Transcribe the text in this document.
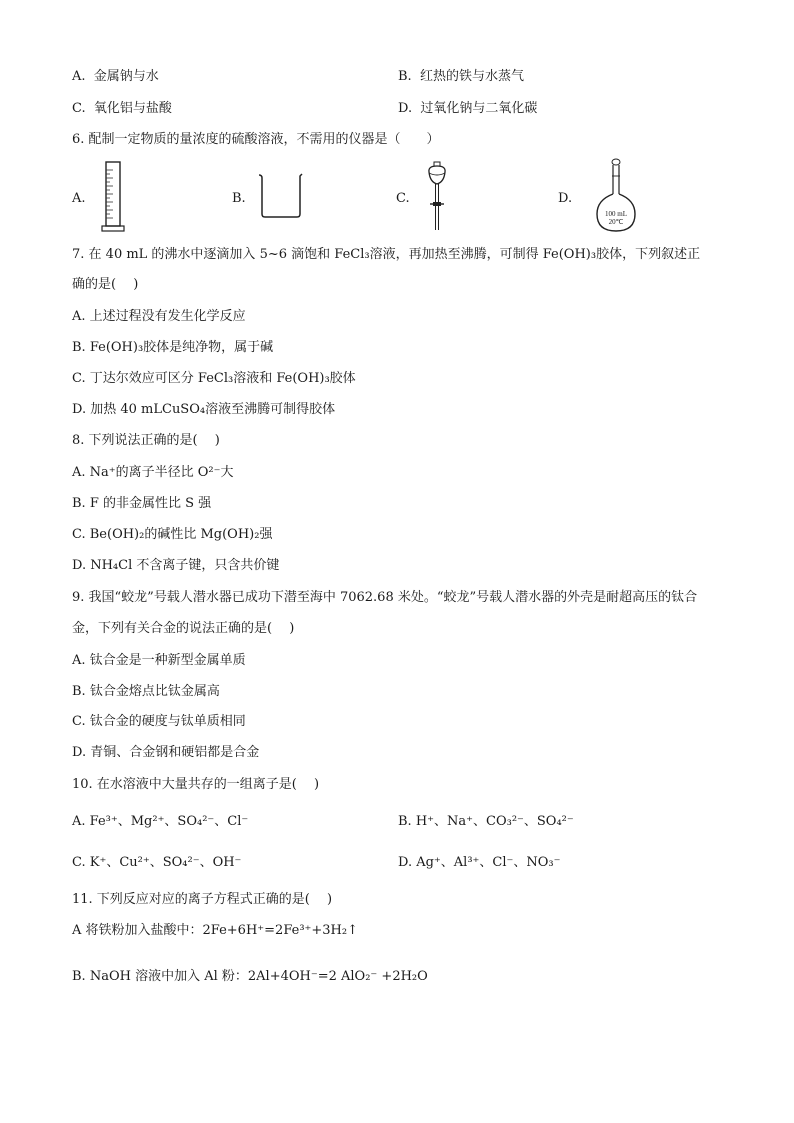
A. 金属钠与水	B. 红热的铁与水蒸气
C. 氧化铝与盐酸	D. 过氧化钠与二氧化碳
6. 配制一定物质的量浓度的硫酸溶液，不需用的仪器是（　　）
A.	B.	C.	D.
100 mL
20℃
7. 在 40 mL 的沸水中逐滴加入 5~6 滴饱和 FeCl₃溶液，再加热至沸腾，可制得 Fe(OH)₃胶体，下列叙述正
确的是(　 )
A. 上述过程没有发生化学反应
B. Fe(OH)₃胶体是纯净物，属于碱
C. 丁达尔效应可区分 FeCl₃溶液和 Fe(OH)₃胶体
D. 加热 40 mLCuSO₄溶液至沸腾可制得胶体
8. 下列说法正确的是(　 )
A. Na⁺的离子半径比 O²⁻大
B. F 的非金属性比 S 强
C. Be(OH)₂的碱性比 Mg(OH)₂强
D. NH₄Cl 不含离子键，只含共价键
9. 我国“蛟龙”号载人潜水器已成功下潜至海中 7062.68 米处。“蛟龙”号载人潜水器的外壳是耐超高压的钛合
金，下列有关合金的说法正确的是(　 )
A. 钛合金是一种新型金属单质
B. 钛合金熔点比钛金属高
C. 钛合金的硬度与钛单质相同
D. 青铜、合金钢和硬铝都是合金
10. 在水溶液中大量共存的一组离子是(　 )
A. Fe³⁺、Mg²⁺、SO₄²⁻、Cl⁻	B. H⁺、Na⁺、CO₃²⁻、SO₄²⁻
C. K⁺、Cu²⁺、SO₄²⁻、OH⁻	D. Ag⁺、Al³⁺、Cl⁻、NO₃⁻
11. 下列反应对应的离子方程式正确的是(　 )
A 将铁粉加入盐酸中：2Fe+6H⁺=2Fe³⁺+3H₂↑
B. NaOH 溶液中加入 Al 粉：2Al+4OH⁻=2 AlO₂⁻ +2H₂O
